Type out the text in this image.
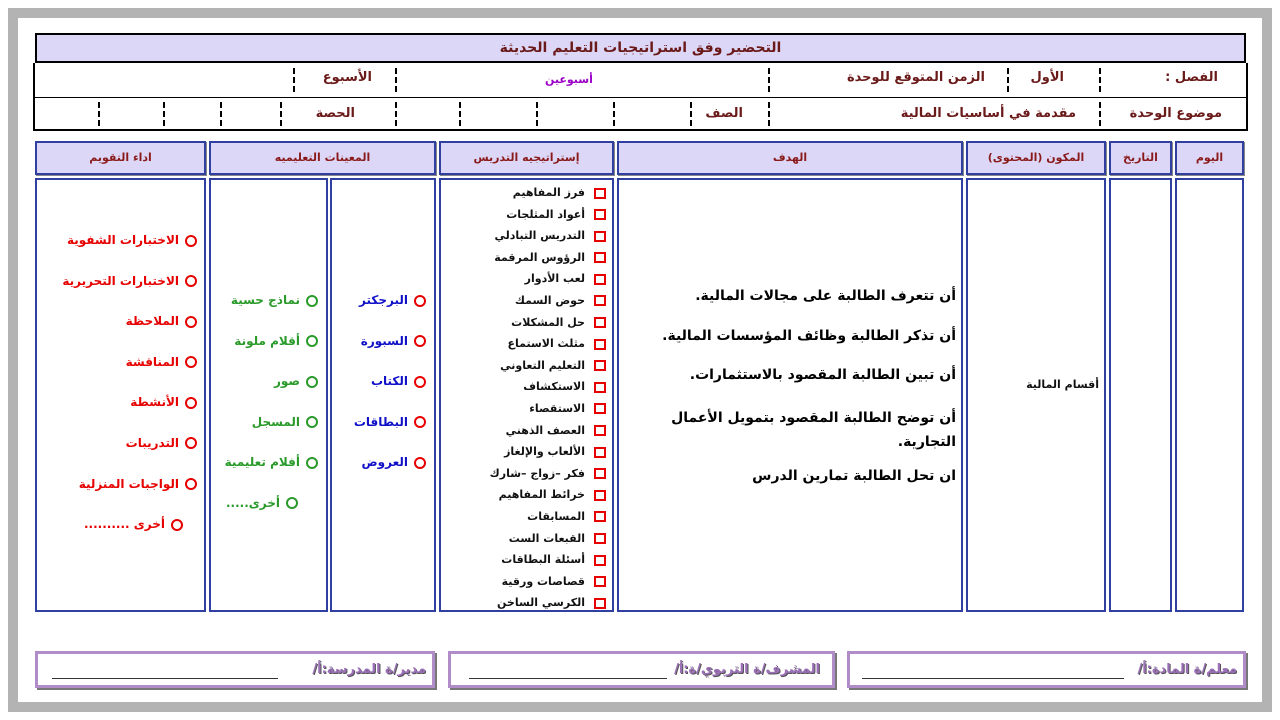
التحضير وفق استراتيجيات التعليم الحديثة
الفصل :
الأول
الزمن المتوقع للوحدة
أسبوعين
الأسبوع
موضوع الوحدة
مقدمة في أساسيات المالية
الصف
الحصة
اليوم
التاريخ
المكون (المحتوى)
الهدف
إستراتيجيه التدريس
المعينات التعليميه
اداء التقويم
أقسام المالية
أن تتعرف الطالبة على مجالات المالية.
أن تذكر الطالبة وظائف المؤسسات المالية.
أن تبين الطالبة المقصود بالاستثمارات.
أن توضح الطالبة المقصود بتمويل الأعمال التجارية.
ان تحل الطالبة تمارين الدرس
فرز المفاهيم
أعواد المثلجات
التدريس التبادلي
الرؤوس المرقمة
لعب الأدوار
حوض السمك
حل المشكلات
مثلث الاستماع
التعليم التعاوني
الاستكشاف
الاستقصاء
العصف الذهني
الألعاب والإلغاز
فكر –زواج –شارك
خرائط المفاهيم
المسابقات
القبعات الست
أسئلة البطاقات
قصاصات ورقية
الكرسي الساخن
البرجكتر
السبورة
الكتاب
البطاقات
العروض
نماذج حسية
أقلام ملونة
صور
المسجل
أفلام تعليمية
أخرى.....
الاختبارات الشفوية
الاختبارات التحريرية
الملاحظة
المناقشة
الأنشطة
التدريبات
الواجبات المنزلية
أخرى ..........
معلم/ة المادة:أ/
المشرف/ة التربوي/ة:أ/
مدير/ة المدرسة:أ/
